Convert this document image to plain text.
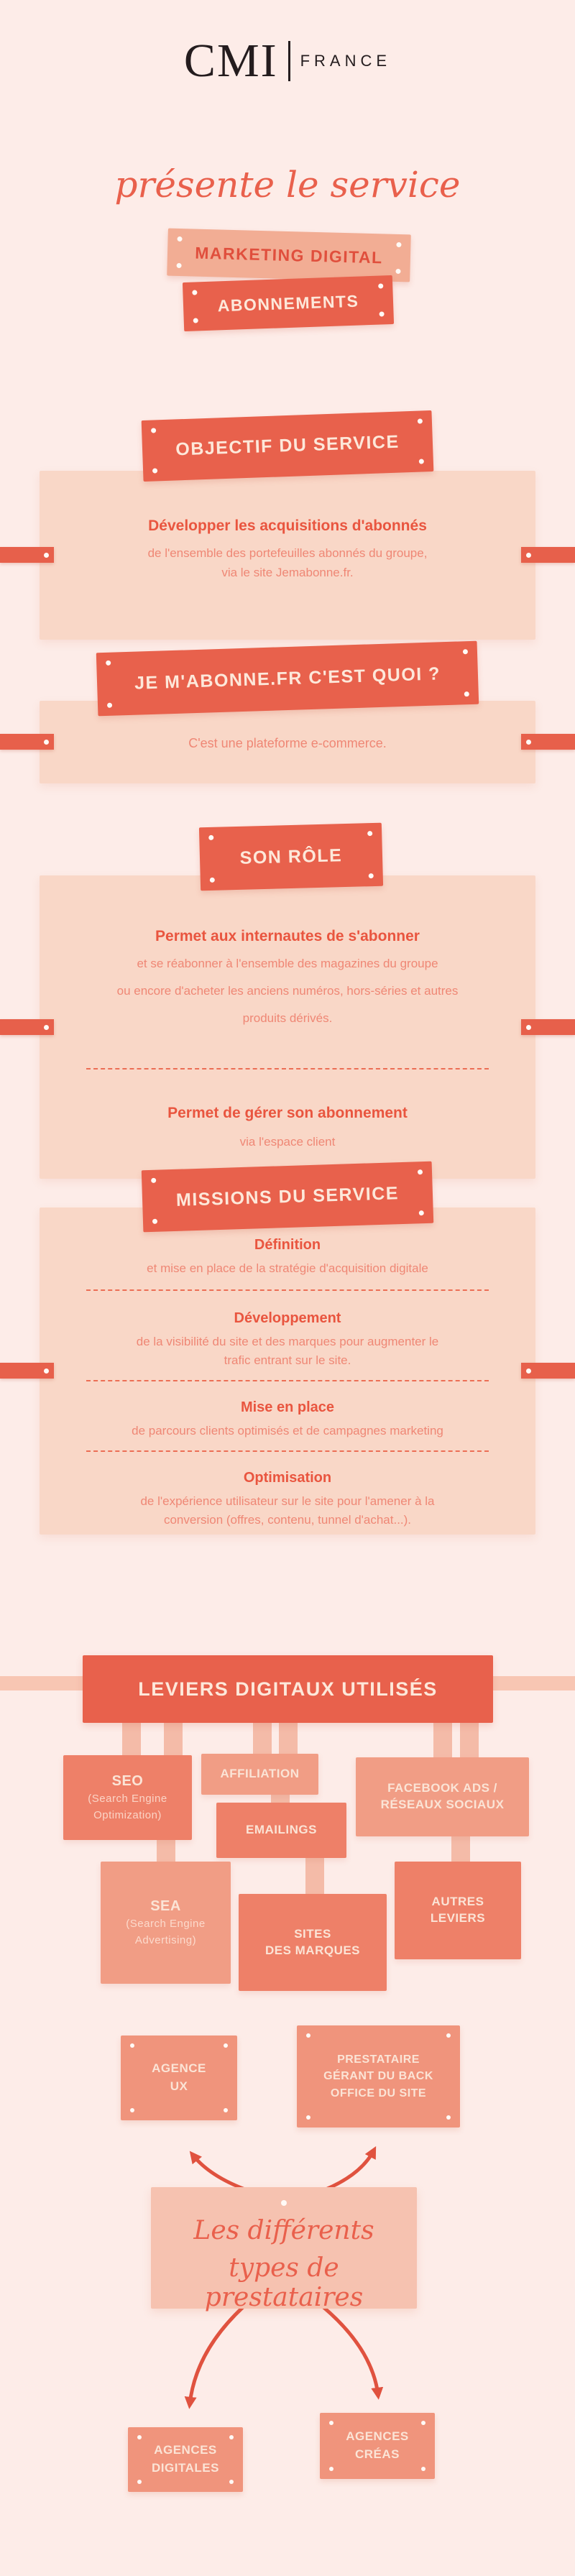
CMI FRANCE
présente le service
MARKETING DIGITAL
ABONNEMENTS
Développer les acquisitions d'abonnés
de l'ensemble des portefeuilles abonnés du groupe,
via le site Jemabonne.fr.
OBJECTIF DU SERVICE
C'est une plateforme e-commerce.
JE M'ABONNE.FR C'EST QUOI ?
Permet aux internautes de s'abonner
et se réabonner à l'ensemble des magazines du groupe
ou encore d'acheter les anciens numéros, hors-séries et autres
produits dérivés.
Permet de gérer son abonnement
via l'espace client
SON RÔLE
Définition
et mise en place de la stratégie d'acquisition digitale
Développement
de la visibilité du site et des marques pour augmenter le
trafic entrant sur le site.
Mise en place
de parcours clients optimisés et de campagnes marketing
Optimisation
de l'expérience utilisateur sur le site pour l'amener à la
conversion (offres, contenu, tunnel d'achat...).
MISSIONS DU SERVICE
LEVIERS DIGITAUX UTILISÉS
SEO
(Search Engine
Optimization)
AFFILIATION
FACEBOOK ADS /
RÉSEAUX SOCIAUX
EMAILINGS
SEA
(Search Engine
Advertising)	SITES
DES MARQUES
AUTRES
LEVIERS
AGENCE
UX
PRESTATAIRE
GÉRANT DU BACK
OFFICE DU SITE
Les différents
types de prestataires
AGENCES
DIGITALES
AGENCES
CRÉAS
